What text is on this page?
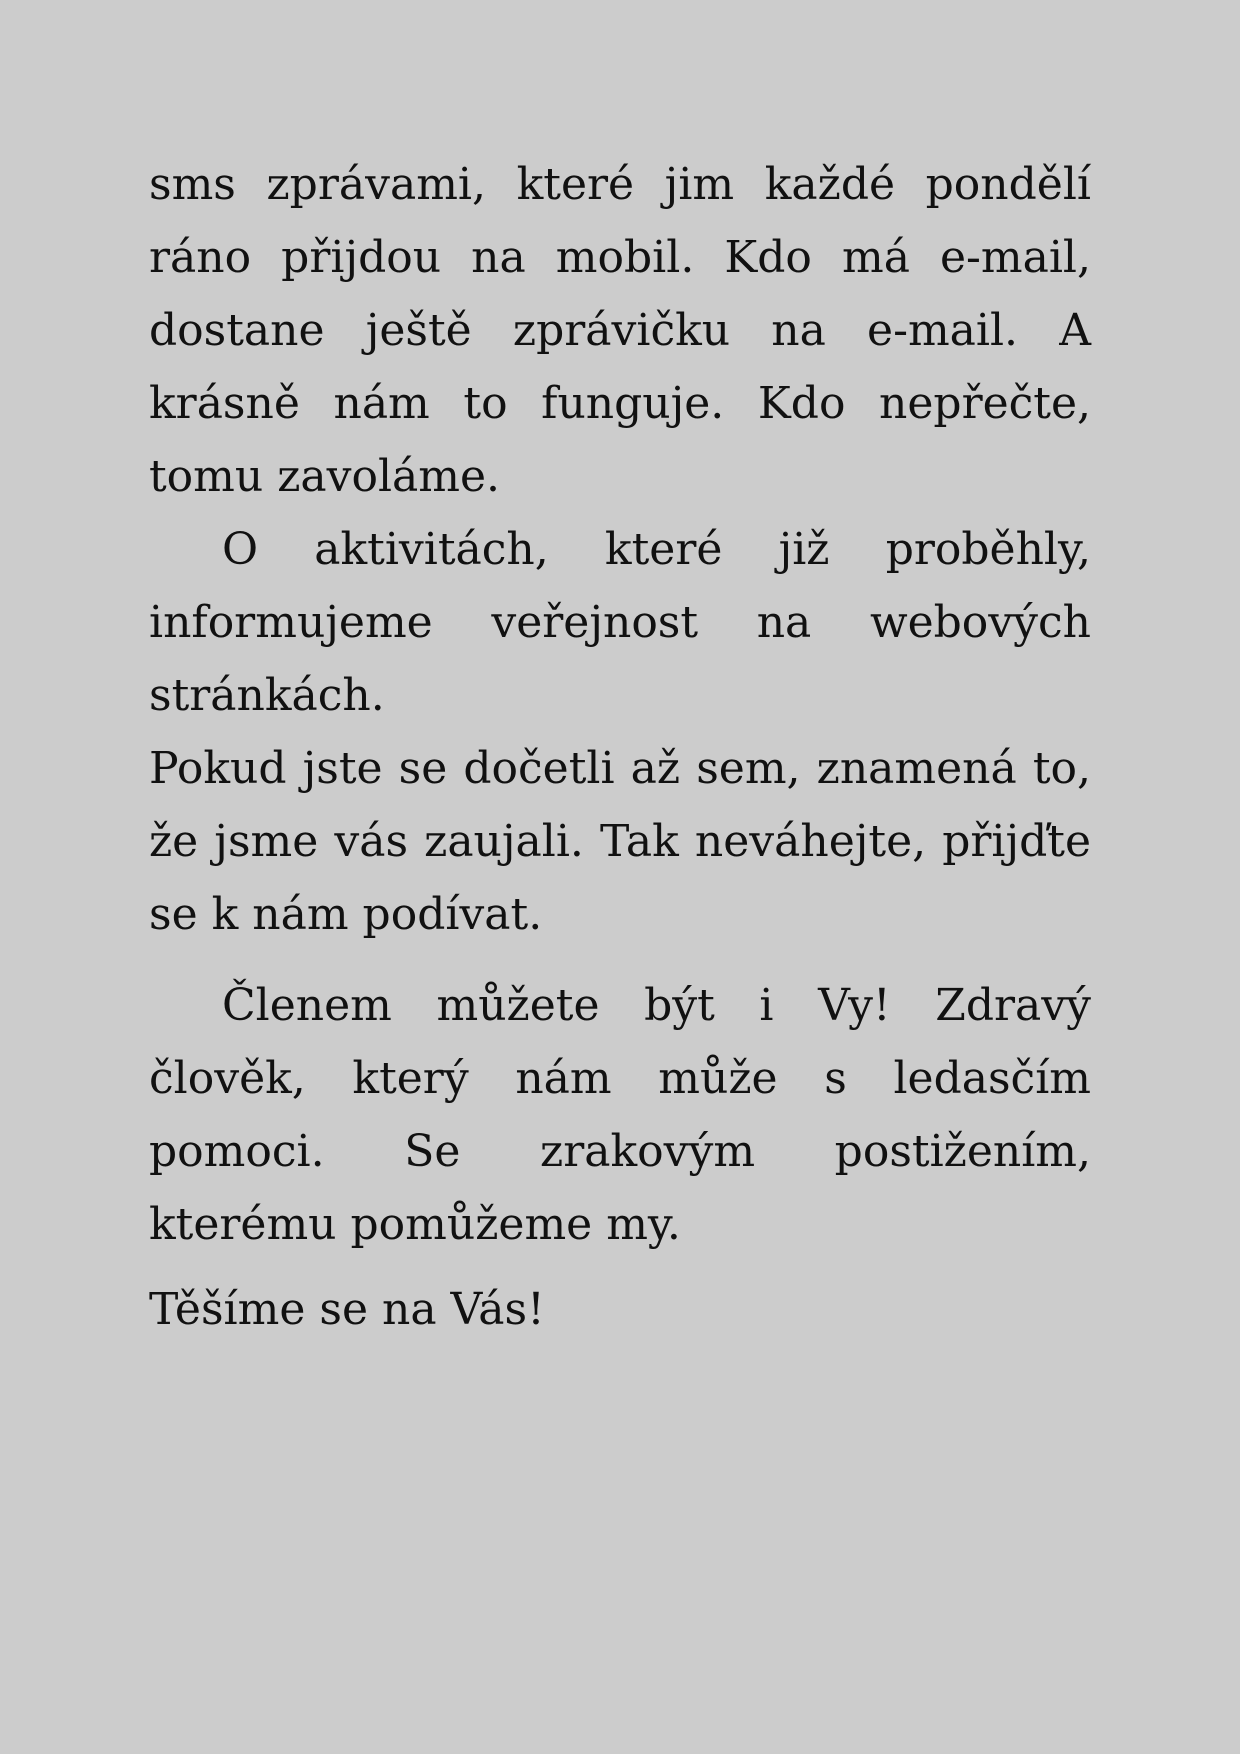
sms zprávami, které jim každé pondělí ráno přijdou na mobil. Kdo má e-mail, dostane ještě zprávičku na e-mail. A krásně nám to funguje. Kdo nepřečte, tomu zavoláme.

O aktivitách, které již proběhly, informujeme veřejnost na webových stránkách.

Pokud jste se dočetli až sem, znamená to, že jsme vás zaujali. Tak neváhejte, přijďte se k nám podívat.

Členem můžete být i Vy! Zdravý člověk, který nám může s ledasčím pomoci. Se zrakovým postižením, kterému pomůžeme my.

Těšíme se na Vás!
